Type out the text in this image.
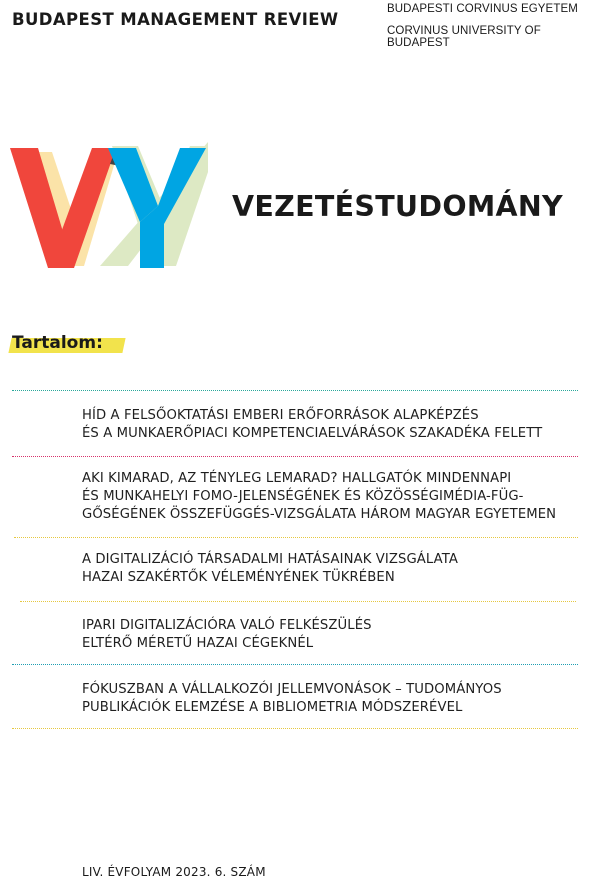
BUDAPEST MANAGEMENT REVIEW
BUDAPESTI CORVINUS EGYETEM
CORVINUS UNIVERSITY OF BUDAPEST
VEZETÉSTUDOMÁNY
Tartalom:
HÍD A FELSŐOKTATÁSI EMBERI ERŐFORRÁSOK ALAPKÉPZÉS
ÉS A MUNKAERŐPIACI KOMPETENCIAELVÁRÁSOK SZAKADÉKA FELETT
AKI KIMARAD, AZ TÉNYLEG LEMARAD? HALLGATÓK MINDENNAPI
ÉS MUNKAHELYI FOMO-JELENSÉGÉNEK ÉS KÖZÖSSÉGIMÉDIA-FÜG-
GŐSÉGÉNEK ÖSSZEFÜGGÉS-VIZSGÁLATA HÁROM MAGYAR EGYETEMEN
A DIGITALIZÁCIÓ TÁRSADALMI HATÁSAINAK VIZSGÁLATA
HAZAI SZAKÉRTŐK VÉLEMÉNYÉNEK TÜKRÉBEN
IPARI DIGITALIZÁCIÓRA VALÓ FELKÉSZÜLÉS
ELTÉRŐ MÉRETŰ HAZAI CÉGEKNÉL
FÓKUSZBAN A VÁLLALKOZÓI JELLEMVONÁSOK – TUDOMÁNYOS
PUBLIKÁCIÓK ELEMZÉSE A BIBLIOMETRIA MÓDSZERÉVEL
LIV. ÉVFOLYAM 2023. 6. SZÁM
